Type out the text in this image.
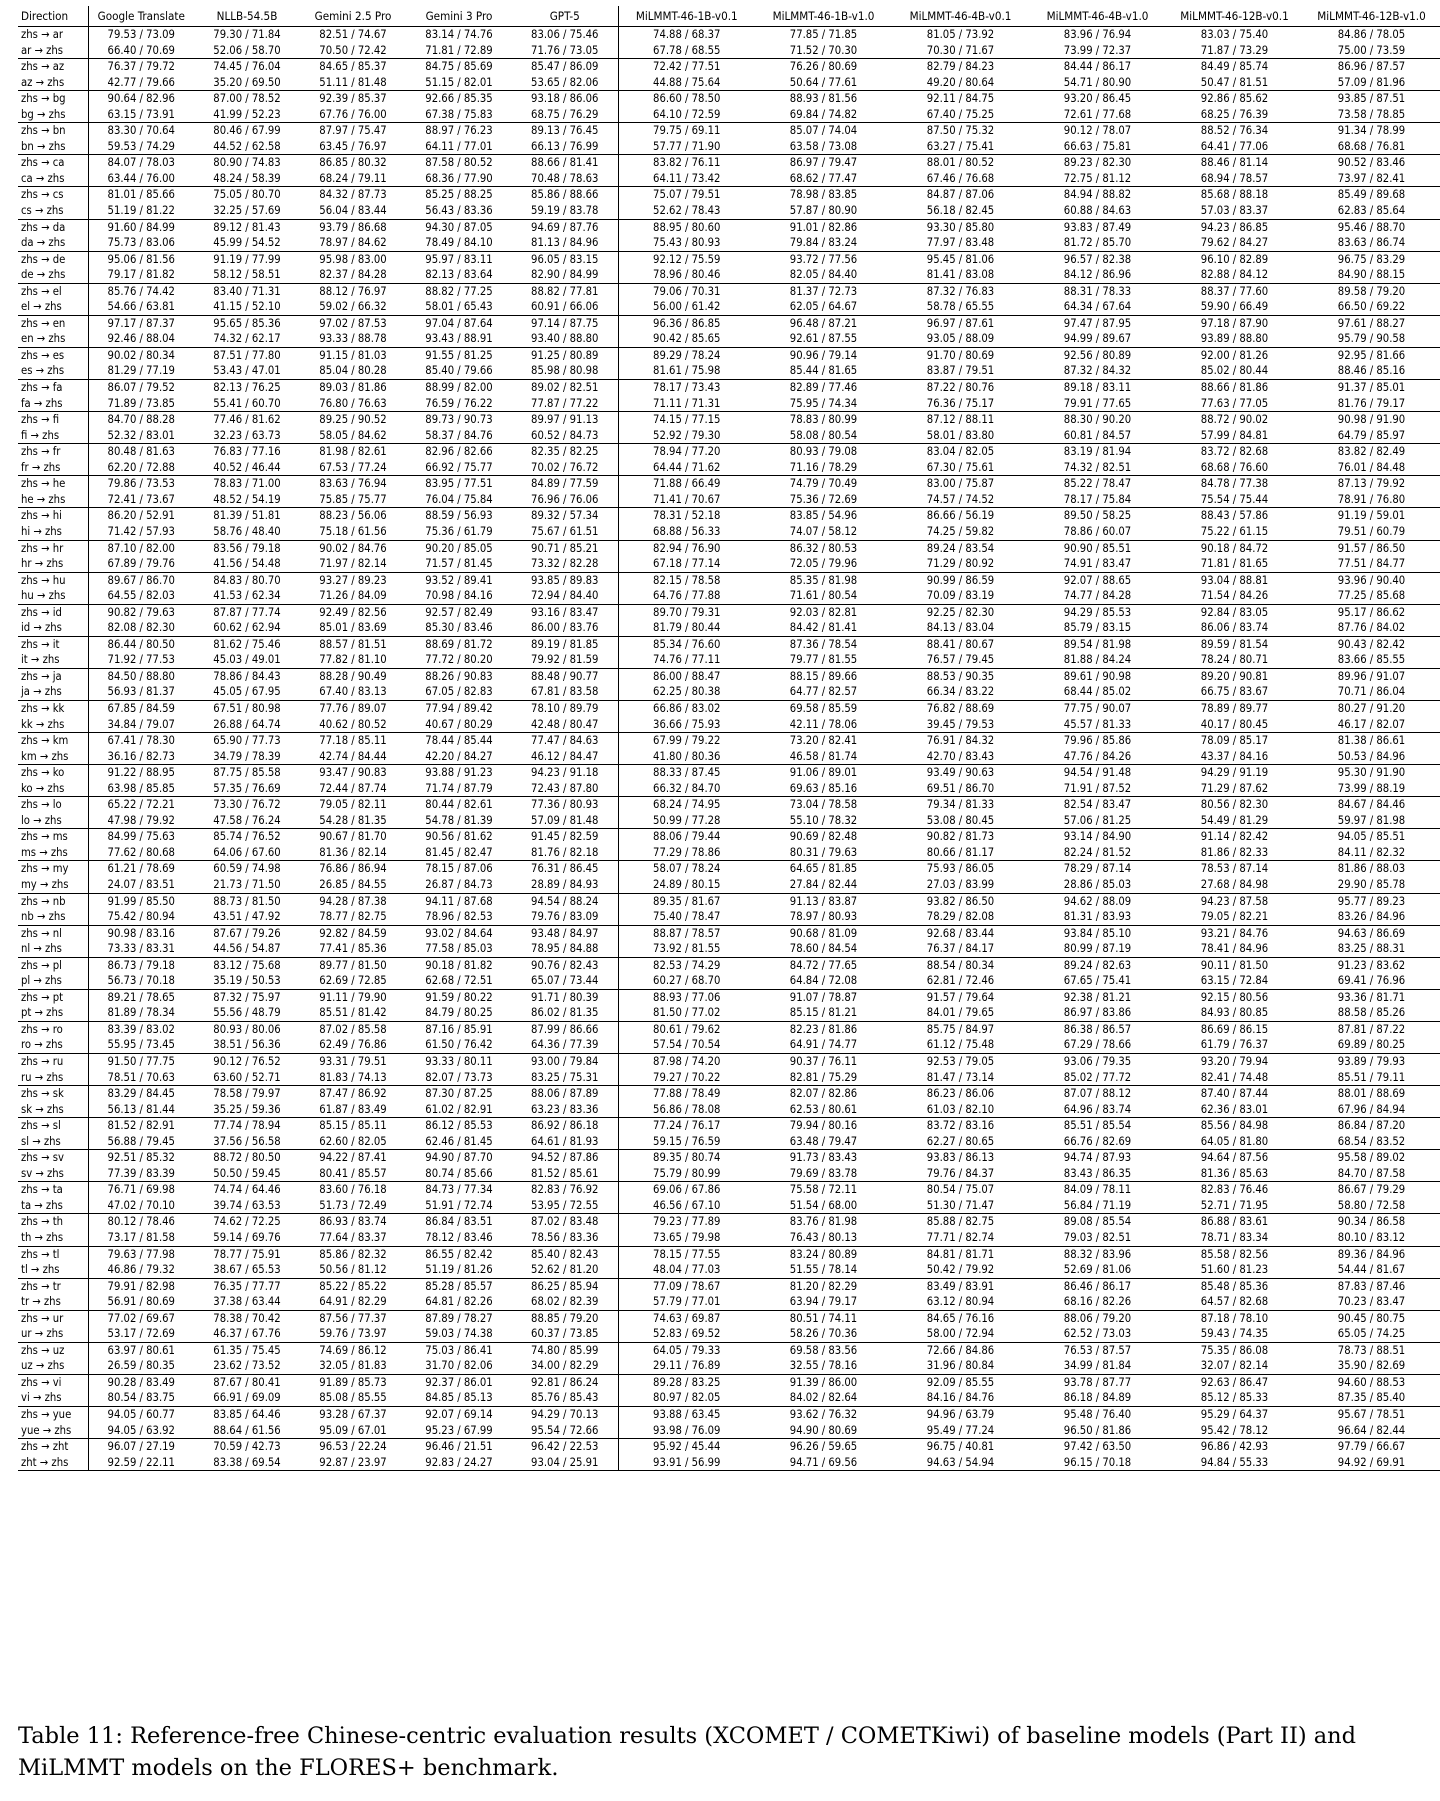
Direction	Google Translate	NLLB-54.5B	Gemini 2.5 Pro	Gemini 3 Pro	GPT-5	MiLMMT-46-1B-v0.1	MiLMMT-46-1B-v1.0	MiLMMT-46-4B-v0.1	MiLMMT-46-4B-v1.0	MiLMMT-46-12B-v0.1	MiLMMT-46-12B-v1.0
zhs → ar	79.53 / 73.09	79.30 / 71.84	82.51 / 74.67	83.14 / 74.76	83.06 / 75.46	74.88 / 68.37	77.85 / 71.85	81.05 / 73.92	83.96 / 76.94	83.03 / 75.40	84.86 / 78.05
ar → zhs	66.40 / 70.69	52.06 / 58.70	70.50 / 72.42	71.81 / 72.89	71.76 / 73.05	67.78 / 68.55	71.52 / 70.30	70.30 / 71.67	73.99 / 72.37	71.87 / 73.29	75.00 / 73.59
zhs → az	76.37 / 79.72	74.45 / 76.04	84.65 / 85.37	84.75 / 85.69	85.47 / 86.09	72.42 / 77.51	76.26 / 80.69	82.79 / 84.23	84.44 / 86.17	84.49 / 85.74	86.96 / 87.57
az → zhs	42.77 / 79.66	35.20 / 69.50	51.11 / 81.48	51.15 / 82.01	53.65 / 82.06	44.88 / 75.64	50.64 / 77.61	49.20 / 80.64	54.71 / 80.90	50.47 / 81.51	57.09 / 81.96
zhs → bg	90.64 / 82.96	87.00 / 78.52	92.39 / 85.37	92.66 / 85.35	93.18 / 86.06	86.60 / 78.50	88.93 / 81.56	92.11 / 84.75	93.20 / 86.45	92.86 / 85.62	93.85 / 87.51
bg → zhs	63.15 / 73.91	41.99 / 52.23	67.76 / 76.00	67.38 / 75.83	68.75 / 76.29	64.10 / 72.59	69.84 / 74.82	67.40 / 75.25	72.61 / 77.68	68.25 / 76.39	73.58 / 78.85
zhs → bn	83.30 / 70.64	80.46 / 67.99	87.97 / 75.47	88.97 / 76.23	89.13 / 76.45	79.75 / 69.11	85.07 / 74.04	87.50 / 75.32	90.12 / 78.07	88.52 / 76.34	91.34 / 78.99
bn → zhs	59.53 / 74.29	44.52 / 62.58	63.45 / 76.97	64.11 / 77.01	66.13 / 76.99	57.77 / 71.90	63.58 / 73.08	63.27 / 75.41	66.63 / 75.81	64.41 / 77.06	68.68 / 76.81
zhs → ca	84.07 / 78.03	80.90 / 74.83	86.85 / 80.32	87.58 / 80.52	88.66 / 81.41	83.82 / 76.11	86.97 / 79.47	88.01 / 80.52	89.23 / 82.30	88.46 / 81.14	90.52 / 83.46
ca → zhs	63.44 / 76.00	48.24 / 58.39	68.24 / 79.11	68.36 / 77.90	70.48 / 78.63	64.11 / 73.42	68.62 / 77.47	67.46 / 76.68	72.75 / 81.12	68.94 / 78.57	73.97 / 82.41
zhs → cs	81.01 / 85.66	75.05 / 80.70	84.32 / 87.73	85.25 / 88.25	85.86 / 88.66	75.07 / 79.51	78.98 / 83.85	84.87 / 87.06	84.94 / 88.82	85.68 / 88.18	85.49 / 89.68
cs → zhs	51.19 / 81.22	32.25 / 57.69	56.04 / 83.44	56.43 / 83.36	59.19 / 83.78	52.62 / 78.43	57.87 / 80.90	56.18 / 82.45	60.88 / 84.63	57.03 / 83.37	62.83 / 85.64
zhs → da	91.60 / 84.99	89.12 / 81.43	93.79 / 86.68	94.30 / 87.05	94.69 / 87.76	88.95 / 80.60	91.01 / 82.86	93.30 / 85.80	93.83 / 87.49	94.23 / 86.85	95.46 / 88.70
da → zhs	75.73 / 83.06	45.99 / 54.52	78.97 / 84.62	78.49 / 84.10	81.13 / 84.96	75.43 / 80.93	79.84 / 83.24	77.97 / 83.48	81.72 / 85.70	79.62 / 84.27	83.63 / 86.74
zhs → de	95.06 / 81.56	91.19 / 77.99	95.98 / 83.00	95.97 / 83.11	96.05 / 83.15	92.12 / 75.59	93.72 / 77.56	95.45 / 81.06	96.57 / 82.38	96.10 / 82.89	96.75 / 83.29
de → zhs	79.17 / 81.82	58.12 / 58.51	82.37 / 84.28	82.13 / 83.64	82.90 / 84.99	78.96 / 80.46	82.05 / 84.40	81.41 / 83.08	84.12 / 86.96	82.88 / 84.12	84.90 / 88.15
zhs → el	85.76 / 74.42	83.40 / 71.31	88.12 / 76.97	88.82 / 77.25	88.82 / 77.81	79.06 / 70.31	81.37 / 72.73	87.32 / 76.83	88.31 / 78.33	88.37 / 77.60	89.58 / 79.20
el → zhs	54.66 / 63.81	41.15 / 52.10	59.02 / 66.32	58.01 / 65.43	60.91 / 66.06	56.00 / 61.42	62.05 / 64.67	58.78 / 65.55	64.34 / 67.64	59.90 / 66.49	66.50 / 69.22
zhs → en	97.17 / 87.37	95.65 / 85.36	97.02 / 87.53	97.04 / 87.64	97.14 / 87.75	96.36 / 86.85	96.48 / 87.21	96.97 / 87.61	97.47 / 87.95	97.18 / 87.90	97.61 / 88.27
en → zhs	92.46 / 88.04	74.32 / 62.17	93.33 / 88.78	93.43 / 88.91	93.40 / 88.80	90.42 / 85.65	92.61 / 87.55	93.05 / 88.09	94.99 / 89.67	93.89 / 88.80	95.79 / 90.58
zhs → es	90.02 / 80.34	87.51 / 77.80	91.15 / 81.03	91.55 / 81.25	91.25 / 80.89	89.29 / 78.24	90.96 / 79.14	91.70 / 80.69	92.56 / 80.89	92.00 / 81.26	92.95 / 81.66
es → zhs	81.29 / 77.19	53.43 / 47.01	85.04 / 80.28	85.40 / 79.66	85.98 / 80.98	81.61 / 75.98	85.44 / 81.65	83.87 / 79.51	87.32 / 84.32	85.02 / 80.44	88.46 / 85.16
zhs → fa	86.07 / 79.52	82.13 / 76.25	89.03 / 81.86	88.99 / 82.00	89.02 / 82.51	78.17 / 73.43	82.89 / 77.46	87.22 / 80.76	89.18 / 83.11	88.66 / 81.86	91.37 / 85.01
fa → zhs	71.89 / 73.85	55.41 / 60.70	76.80 / 76.63	76.59 / 76.22	77.87 / 77.22	71.11 / 71.31	75.95 / 74.34	76.36 / 75.17	79.91 / 77.65	77.63 / 77.05	81.76 / 79.17
zhs → fi	84.70 / 88.28	77.46 / 81.62	89.25 / 90.52	89.73 / 90.73	89.97 / 91.13	74.15 / 77.15	78.83 / 80.99	87.12 / 88.11	88.30 / 90.20	88.72 / 90.02	90.98 / 91.90
fi → zhs	52.32 / 83.01	32.23 / 63.73	58.05 / 84.62	58.37 / 84.76	60.52 / 84.73	52.92 / 79.30	58.08 / 80.54	58.01 / 83.80	60.81 / 84.57	57.99 / 84.81	64.79 / 85.97
zhs → fr	80.48 / 81.63	76.83 / 77.16	81.98 / 82.61	82.96 / 82.66	82.35 / 82.25	78.94 / 77.20	80.93 / 79.08	83.04 / 82.05	83.19 / 81.94	83.72 / 82.68	83.82 / 82.49
fr → zhs	62.20 / 72.88	40.52 / 46.44	67.53 / 77.24	66.92 / 75.77	70.02 / 76.72	64.44 / 71.62	71.16 / 78.29	67.30 / 75.61	74.32 / 82.51	68.68 / 76.60	76.01 / 84.48
zhs → he	79.86 / 73.53	78.83 / 71.00	83.63 / 76.94	83.95 / 77.51	84.89 / 77.59	71.88 / 66.49	74.79 / 70.49	83.00 / 75.87	85.22 / 78.47	84.78 / 77.38	87.13 / 79.92
he → zhs	72.41 / 73.67	48.52 / 54.19	75.85 / 75.77	76.04 / 75.84	76.96 / 76.06	71.41 / 70.67	75.36 / 72.69	74.57 / 74.52	78.17 / 75.84	75.54 / 75.44	78.91 / 76.80
zhs → hi	86.20 / 52.91	81.39 / 51.81	88.23 / 56.06	88.59 / 56.93	89.32 / 57.34	78.31 / 52.18	83.85 / 54.96	86.66 / 56.19	89.50 / 58.25	88.43 / 57.86	91.19 / 59.01
hi → zhs	71.42 / 57.93	58.76 / 48.40	75.18 / 61.56	75.36 / 61.79	75.67 / 61.51	68.88 / 56.33	74.07 / 58.12	74.25 / 59.82	78.86 / 60.07	75.22 / 61.15	79.51 / 60.79
zhs → hr	87.10 / 82.00	83.56 / 79.18	90.02 / 84.76	90.20 / 85.05	90.71 / 85.21	82.94 / 76.90	86.32 / 80.53	89.24 / 83.54	90.90 / 85.51	90.18 / 84.72	91.57 / 86.50
hr → zhs	67.89 / 79.76	41.56 / 54.48	71.97 / 82.14	71.57 / 81.45	73.32 / 82.28	67.18 / 77.14	72.05 / 79.96	71.29 / 80.92	74.91 / 83.47	71.81 / 81.65	77.51 / 84.77
zhs → hu	89.67 / 86.70	84.83 / 80.70	93.27 / 89.23	93.52 / 89.41	93.85 / 89.83	82.15 / 78.58	85.35 / 81.98	90.99 / 86.59	92.07 / 88.65	93.04 / 88.81	93.96 / 90.40
hu → zhs	64.55 / 82.03	41.53 / 62.34	71.26 / 84.09	70.98 / 84.16	72.94 / 84.40	64.76 / 77.88	71.61 / 80.54	70.09 / 83.19	74.77 / 84.28	71.54 / 84.26	77.25 / 85.68
zhs → id	90.82 / 79.63	87.87 / 77.74	92.49 / 82.56	92.57 / 82.49	93.16 / 83.47	89.70 / 79.31	92.03 / 82.81	92.25 / 82.30	94.29 / 85.53	92.84 / 83.05	95.17 / 86.62
id → zhs	82.08 / 82.30	60.62 / 62.94	85.01 / 83.69	85.30 / 83.46	86.00 / 83.76	81.79 / 80.44	84.42 / 81.41	84.13 / 83.04	85.79 / 83.15	86.06 / 83.74	87.76 / 84.02
zhs → it	86.44 / 80.50	81.62 / 75.46	88.57 / 81.51	88.69 / 81.72	89.19 / 81.85	85.34 / 76.60	87.36 / 78.54	88.41 / 80.67	89.54 / 81.98	89.59 / 81.54	90.43 / 82.42
it → zhs	71.92 / 77.53	45.03 / 49.01	77.82 / 81.10	77.72 / 80.20	79.92 / 81.59	74.76 / 77.11	79.77 / 81.55	76.57 / 79.45	81.88 / 84.24	78.24 / 80.71	83.66 / 85.55
zhs → ja	84.50 / 88.80	78.86 / 84.43	88.28 / 90.49	88.26 / 90.83	88.48 / 90.77	86.00 / 88.47	88.15 / 89.66	88.53 / 90.35	89.61 / 90.98	89.20 / 90.81	89.96 / 91.07
ja → zhs	56.93 / 81.37	45.05 / 67.95	67.40 / 83.13	67.05 / 82.83	67.81 / 83.58	62.25 / 80.38	64.77 / 82.57	66.34 / 83.22	68.44 / 85.02	66.75 / 83.67	70.71 / 86.04
zhs → kk	67.85 / 84.59	67.51 / 80.98	77.76 / 89.07	77.94 / 89.42	78.10 / 89.79	66.86 / 83.02	69.58 / 85.59	76.82 / 88.69	77.75 / 90.07	78.89 / 89.77	80.27 / 91.20
kk → zhs	34.84 / 79.07	26.88 / 64.74	40.62 / 80.52	40.67 / 80.29	42.48 / 80.47	36.66 / 75.93	42.11 / 78.06	39.45 / 79.53	45.57 / 81.33	40.17 / 80.45	46.17 / 82.07
zhs → km	67.41 / 78.30	65.90 / 77.73	77.18 / 85.11	78.44 / 85.44	77.47 / 84.63	67.99 / 79.22	73.20 / 82.41	76.91 / 84.32	79.96 / 85.86	78.09 / 85.17	81.38 / 86.61
km → zhs	36.16 / 82.73	34.79 / 78.39	42.74 / 84.44	42.20 / 84.27	46.12 / 84.47	41.80 / 80.36	46.58 / 81.74	42.70 / 83.43	47.76 / 84.26	43.37 / 84.16	50.53 / 84.96
zhs → ko	91.22 / 88.95	87.75 / 85.58	93.47 / 90.83	93.88 / 91.23	94.23 / 91.18	88.33 / 87.45	91.06 / 89.01	93.49 / 90.63	94.54 / 91.48	94.29 / 91.19	95.30 / 91.90
ko → zhs	63.98 / 85.85	57.35 / 76.69	72.44 / 87.74	71.74 / 87.79	72.43 / 87.80	66.32 / 84.70	69.63 / 85.16	69.51 / 86.70	71.91 / 87.52	71.29 / 87.62	73.99 / 88.19
zhs → lo	65.22 / 72.21	73.30 / 76.72	79.05 / 82.11	80.44 / 82.61	77.36 / 80.93	68.24 / 74.95	73.04 / 78.58	79.34 / 81.33	82.54 / 83.47	80.56 / 82.30	84.67 / 84.46
lo → zhs	47.98 / 79.92	47.58 / 76.24	54.28 / 81.35	54.78 / 81.39	57.09 / 81.48	50.99 / 77.28	55.10 / 78.32	53.08 / 80.45	57.06 / 81.25	54.49 / 81.29	59.97 / 81.98
zhs → ms	84.99 / 75.63	85.74 / 76.52	90.67 / 81.70	90.56 / 81.62	91.45 / 82.59	88.06 / 79.44	90.69 / 82.48	90.82 / 81.73	93.14 / 84.90	91.14 / 82.42	94.05 / 85.51
ms → zhs	77.62 / 80.68	64.06 / 67.60	81.36 / 82.14	81.45 / 82.47	81.76 / 82.18	77.29 / 78.86	80.31 / 79.63	80.66 / 81.17	82.24 / 81.52	81.86 / 82.33	84.11 / 82.32
zhs → my	61.21 / 78.69	60.59 / 74.98	76.86 / 86.94	78.15 / 87.06	76.31 / 86.45	58.07 / 78.24	64.65 / 81.85	75.93 / 86.05	78.29 / 87.14	78.53 / 87.14	81.86 / 88.03
my → zhs	24.07 / 83.51	21.73 / 71.50	26.85 / 84.55	26.87 / 84.73	28.89 / 84.93	24.89 / 80.15	27.84 / 82.44	27.03 / 83.99	28.86 / 85.03	27.68 / 84.98	29.90 / 85.78
zhs → nb	91.99 / 85.50	88.73 / 81.50	94.28 / 87.38	94.11 / 87.68	94.54 / 88.24	89.35 / 81.67	91.13 / 83.87	93.82 / 86.50	94.62 / 88.09	94.23 / 87.58	95.77 / 89.23
nb → zhs	75.42 / 80.94	43.51 / 47.92	78.77 / 82.75	78.96 / 82.53	79.76 / 83.09	75.40 / 78.47	78.97 / 80.93	78.29 / 82.08	81.31 / 83.93	79.05 / 82.21	83.26 / 84.96
zhs → nl	90.98 / 83.16	87.67 / 79.26	92.82 / 84.59	93.02 / 84.64	93.48 / 84.97	88.87 / 78.57	90.68 / 81.09	92.68 / 83.44	93.84 / 85.10	93.21 / 84.76	94.63 / 86.69
nl → zhs	73.33 / 83.31	44.56 / 54.87	77.41 / 85.36	77.58 / 85.03	78.95 / 84.88	73.92 / 81.55	78.60 / 84.54	76.37 / 84.17	80.99 / 87.19	78.41 / 84.96	83.25 / 88.31
zhs → pl	86.73 / 79.18	83.12 / 75.68	89.77 / 81.50	90.18 / 81.82	90.76 / 82.43	82.53 / 74.29	84.72 / 77.65	88.54 / 80.34	89.24 / 82.63	90.11 / 81.50	91.23 / 83.62
pl → zhs	56.73 / 70.18	35.19 / 50.53	62.69 / 72.85	62.68 / 72.51	65.07 / 73.44	60.27 / 68.70	64.84 / 72.08	62.81 / 72.46	67.65 / 75.41	63.15 / 72.84	69.41 / 76.96
zhs → pt	89.21 / 78.65	87.32 / 75.97	91.11 / 79.90	91.59 / 80.22	91.71 / 80.39	88.93 / 77.06	91.07 / 78.87	91.57 / 79.64	92.38 / 81.21	92.15 / 80.56	93.36 / 81.71
pt → zhs	81.89 / 78.34	55.56 / 48.79	85.51 / 81.42	84.79 / 80.25	86.02 / 81.35	81.50 / 77.02	85.15 / 81.21	84.01 / 79.65	86.97 / 83.86	84.93 / 80.85	88.58 / 85.26
zhs → ro	83.39 / 83.02	80.93 / 80.06	87.02 / 85.58	87.16 / 85.91	87.99 / 86.66	80.61 / 79.62	82.23 / 81.86	85.75 / 84.97	86.38 / 86.57	86.69 / 86.15	87.81 / 87.22
ro → zhs	55.95 / 73.45	38.51 / 56.36	62.49 / 76.86	61.50 / 76.42	64.36 / 77.39	57.54 / 70.54	64.91 / 74.77	61.12 / 75.48	67.29 / 78.66	61.79 / 76.37	69.89 / 80.25
zhs → ru	91.50 / 77.75	90.12 / 76.52	93.31 / 79.51	93.33 / 80.11	93.00 / 79.84	87.98 / 74.20	90.37 / 76.11	92.53 / 79.05	93.06 / 79.35	93.20 / 79.94	93.89 / 79.93
ru → zhs	78.51 / 70.63	63.60 / 52.71	81.83 / 74.13	82.07 / 73.73	83.25 / 75.31	79.27 / 70.22	82.81 / 75.29	81.47 / 73.14	85.02 / 77.72	82.41 / 74.48	85.51 / 79.11
zhs → sk	83.29 / 84.45	78.58 / 79.97	87.47 / 86.92	87.30 / 87.25	88.06 / 87.89	77.88 / 78.49	82.07 / 82.86	86.23 / 86.06	87.07 / 88.12	87.40 / 87.44	88.01 / 88.69
sk → zhs	56.13 / 81.44	35.25 / 59.36	61.87 / 83.49	61.02 / 82.91	63.23 / 83.36	56.86 / 78.08	62.53 / 80.61	61.03 / 82.10	64.96 / 83.74	62.36 / 83.01	67.96 / 84.94
zhs → sl	81.52 / 82.91	77.74 / 78.94	85.15 / 85.11	86.12 / 85.53	86.92 / 86.18	77.24 / 76.17	79.94 / 80.16	83.72 / 83.16	85.51 / 85.54	85.56 / 84.98	86.84 / 87.20
sl → zhs	56.88 / 79.45	37.56 / 56.58	62.60 / 82.05	62.46 / 81.45	64.61 / 81.93	59.15 / 76.59	63.48 / 79.47	62.27 / 80.65	66.76 / 82.69	64.05 / 81.80	68.54 / 83.52
zhs → sv	92.51 / 85.32	88.72 / 80.50	94.22 / 87.41	94.90 / 87.70	94.52 / 87.86	89.35 / 80.74	91.73 / 83.43	93.83 / 86.13	94.74 / 87.93	94.64 / 87.56	95.58 / 89.02
sv → zhs	77.39 / 83.39	50.50 / 59.45	80.41 / 85.57	80.74 / 85.66	81.52 / 85.61	75.79 / 80.99	79.69 / 83.78	79.76 / 84.37	83.43 / 86.35	81.36 / 85.63	84.70 / 87.58
zhs → ta	76.71 / 69.98	74.74 / 64.46	83.60 / 76.18	84.73 / 77.34	82.83 / 76.92	69.06 / 67.86	75.58 / 72.11	80.54 / 75.07	84.09 / 78.11	82.83 / 76.46	86.67 / 79.29
ta → zhs	47.02 / 70.10	39.74 / 63.53	51.73 / 72.49	51.91 / 72.74	53.95 / 72.55	46.56 / 67.10	51.54 / 68.00	51.30 / 71.47	56.84 / 71.19	52.71 / 71.95	58.80 / 72.58
zhs → th	80.12 / 78.46	74.62 / 72.25	86.93 / 83.74	86.84 / 83.51	87.02 / 83.48	79.23 / 77.89	83.76 / 81.98	85.88 / 82.75	89.08 / 85.54	86.88 / 83.61	90.34 / 86.58
th → zhs	73.17 / 81.58	59.14 / 69.76	77.64 / 83.37	78.12 / 83.46	78.56 / 83.36	73.65 / 79.98	76.43 / 80.13	77.71 / 82.74	79.03 / 82.51	78.71 / 83.34	80.10 / 83.12
zhs → tl	79.63 / 77.98	78.77 / 75.91	85.86 / 82.32	86.55 / 82.42	85.40 / 82.43	78.15 / 77.55	83.24 / 80.89	84.81 / 81.71	88.32 / 83.96	85.58 / 82.56	89.36 / 84.96
tl → zhs	46.86 / 79.32	38.67 / 65.53	50.56 / 81.12	51.19 / 81.26	52.62 / 81.20	48.04 / 77.03	51.55 / 78.14	50.42 / 79.92	52.69 / 81.06	51.60 / 81.23	54.44 / 81.67
zhs → tr	79.91 / 82.98	76.35 / 77.77	85.22 / 85.22	85.28 / 85.57	86.25 / 85.94	77.09 / 78.67	81.20 / 82.29	83.49 / 83.91	86.46 / 86.17	85.48 / 85.36	87.83 / 87.46
tr → zhs	56.91 / 80.69	37.38 / 63.44	64.91 / 82.29	64.81 / 82.26	68.02 / 82.39	57.79 / 77.01	63.94 / 79.17	63.12 / 80.94	68.16 / 82.26	64.57 / 82.68	70.23 / 83.47
zhs → ur	77.02 / 69.67	78.38 / 70.42	87.56 / 77.37	87.89 / 78.27	88.85 / 79.20	74.63 / 69.87	80.51 / 74.11	84.65 / 76.16	88.06 / 79.20	87.18 / 78.10	90.45 / 80.75
ur → zhs	53.17 / 72.69	46.37 / 67.76	59.76 / 73.97	59.03 / 74.38	60.37 / 73.85	52.83 / 69.52	58.26 / 70.36	58.00 / 72.94	62.52 / 73.03	59.43 / 74.35	65.05 / 74.25
zhs → uz	63.97 / 80.61	61.35 / 75.45	74.69 / 86.12	75.03 / 86.41	74.80 / 85.99	64.05 / 79.33	69.58 / 83.56	72.66 / 84.86	76.53 / 87.57	75.35 / 86.08	78.73 / 88.51
uz → zhs	26.59 / 80.35	23.62 / 73.52	32.05 / 81.83	31.70 / 82.06	34.00 / 82.29	29.11 / 76.89	32.55 / 78.16	31.96 / 80.84	34.99 / 81.84	32.07 / 82.14	35.90 / 82.69
zhs → vi	90.28 / 83.49	87.67 / 80.41	91.89 / 85.73	92.37 / 86.01	92.81 / 86.24	89.28 / 83.25	91.39 / 86.00	92.09 / 85.55	93.78 / 87.77	92.63 / 86.47	94.60 / 88.53
vi → zhs	80.54 / 83.75	66.91 / 69.09	85.08 / 85.55	84.85 / 85.13	85.76 / 85.43	80.97 / 82.05	84.02 / 82.64	84.16 / 84.76	86.18 / 84.89	85.12 / 85.33	87.35 / 85.40
zhs → yue	94.05 / 60.77	83.85 / 64.46	93.28 / 67.37	92.07 / 69.14	94.29 / 70.13	93.88 / 63.45	93.62 / 76.32	94.96 / 63.79	95.48 / 76.40	95.29 / 64.37	95.67 / 78.51
yue → zhs	94.05 / 63.92	88.64 / 61.56	95.09 / 67.01	95.23 / 67.99	95.54 / 72.66	93.98 / 76.09	94.90 / 80.69	95.49 / 77.24	96.50 / 81.86	95.42 / 78.12	96.64 / 82.44
zhs → zht	96.07 / 27.19	70.59 / 42.73	96.53 / 22.24	96.46 / 21.51	96.42 / 22.53	95.92 / 45.44	96.26 / 59.65	96.75 / 40.81	97.42 / 63.50	96.86 / 42.93	97.79 / 66.67
zht → zhs	92.59 / 22.11	83.38 / 69.54	92.87 / 23.97	92.83 / 24.27	93.04 / 25.91	93.91 / 56.99	94.71 / 69.56	94.63 / 54.94	96.15 / 70.18	94.84 / 55.33	94.92 / 69.91
Table 11: Reference-free Chinese-centric evaluation results (XCOMET / COMETKiwi) of baseline models (Part II) and MiLMMT models on the FLORES+ benchmark.
